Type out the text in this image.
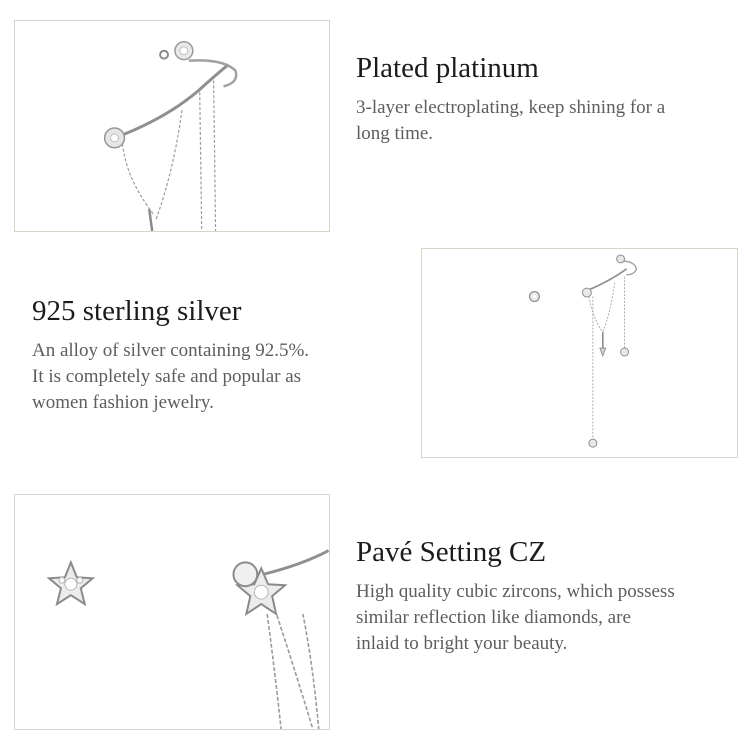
Plated platinum

3-layer electroplating, keep shining for a
long time.

925 sterling silver

An alloy of silver containing 92.5%.
It is completely safe and popular as
women fashion jewelry.

Pavé Setting CZ

High quality cubic zircons, which possess
similar reflection like diamonds, are
inlaid to bright your beauty.
